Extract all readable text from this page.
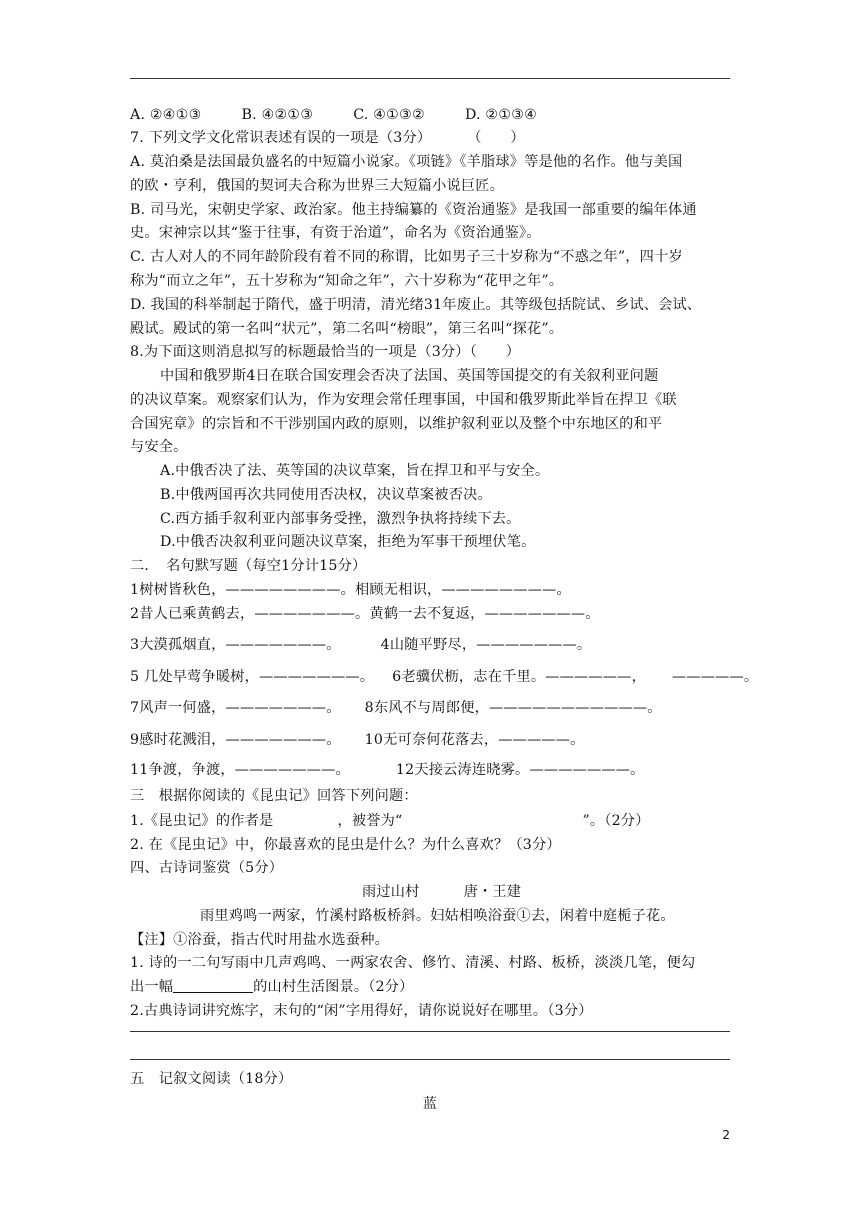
A. ②④①③	B. ④②①③	C. ④①③②	D. ②①③④
7. 下列文学文化常识表述有误的一项是（3分）	（　　）
A. 莫泊桑是法国最负盛名的中短篇小说家。《项链》《羊脂球》等是他的名作。他与美国
的欧・亨利，俄国的契诃夫合称为世界三大短篇小说巨匠。
B. 司马光，宋朝史学家、政治家。他主持编纂的《资治通鉴》是我国一部重要的编年体通
史。宋神宗以其“鉴于往事，有资于治道”，命名为《资治通鉴》。
C. 古人对人的不同年龄阶段有着不同的称谓，比如男子三十岁称为“不惑之年”，四十岁
称为“而立之年”，五十岁称为“知命之年”，六十岁称为“花甲之年”。
D. 我国的科举制起于隋代，盛于明清，清光绪31年废止。其等级包括院试、乡试、会试、
殿试。殿试的第一名叫“状元”，第二名叫“榜眼”，第三名叫“探花”。
8.为下面这则消息拟写的标题最恰当的一项是（3分）（　　）
中国和俄罗斯4日在联合国安理会否决了法国、英国等国提交的有关叙利亚问题
的决议草案。观察家们认为，作为安理会常任理事国，中国和俄罗斯此举旨在捍卫《联
合国宪章》的宗旨和不干涉别国内政的原则，以维护叙利亚以及整个中东地区的和平
与安全。
A.中俄否决了法、英等国的决议草案，旨在捍卫和平与安全。
B.中俄两国再次共同使用否决权，决议草案被否决。
C.西方插手叙利亚内部事务受挫，激烈争执将持续下去。
D.中俄否决叙利亚问题决议草案，拒绝为军事干预埋伏笔。
二．　名句默写题（每空1分计15分）
1树树皆秋色，————————。相顾无相识，————————。
2昔人已乘黄鹤去，———————。黄鹤一去不复返，———————。
3大漠孤烟直，———————。	4山随平野尽，———————。
5 几处早莺争暖树，———————。 6老骥伏枥，志在千里。——————， —————。
7风声一何盛，———————。 8东风不与周郎便，———————————。
9感时花溅泪，———————。 10无可奈何花落去，—————。
11争渡，争渡，———————。	12天接云涛连晓雾。———————。
三　根据你阅读的《昆虫记》回答下列问题：
1.《昆虫记》的作者是	，被誉为“	”。（2分）
2. 在《昆虫记》中，你最喜欢的昆虫是什么？为什么喜欢？（3分）
四、古诗词鉴赏（5分）
雨过山村	唐・王建
雨里鸡鸣一两家，竹溪村路板桥斜。妇姑相唤浴蚕①去，闲着中庭栀子花。
【注】①浴蚕，指古代时用盐水选蚕种。
1. 诗的一二句写雨中几声鸡鸣、一两家农舍、修竹、清溪、村路、板桥，淡淡几笔，便勾
出一幅	的山村生活图景。（2分）
2.古典诗词讲究炼字，末句的“闲”字用得好，请你说说好在哪里。（3分）
五　记叙文阅读（18分）
蓝
2
